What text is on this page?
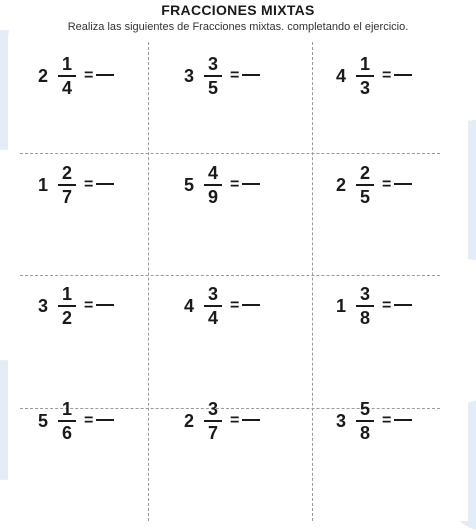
FRACCIONES MIXTAS
Realiza las siguientes de Fracciones mixtas. completando el ejercicio.
$2 \frac{1}{4}$ =	$3 \frac{3}{5}$ =	$4 \frac{1}{3}$ =
$1 \frac{2}{7}$ =	$5 \frac{4}{9}$ =	$2 \frac{2}{5}$ =
$3 \frac{1}{2}$ =	$4 \frac{3}{4}$ =	$1 \frac{3}{8}$ =
$5 \frac{1}{6}$ =	$2 \frac{3}{7}$ =	$3 \frac{5}{8}$ =
